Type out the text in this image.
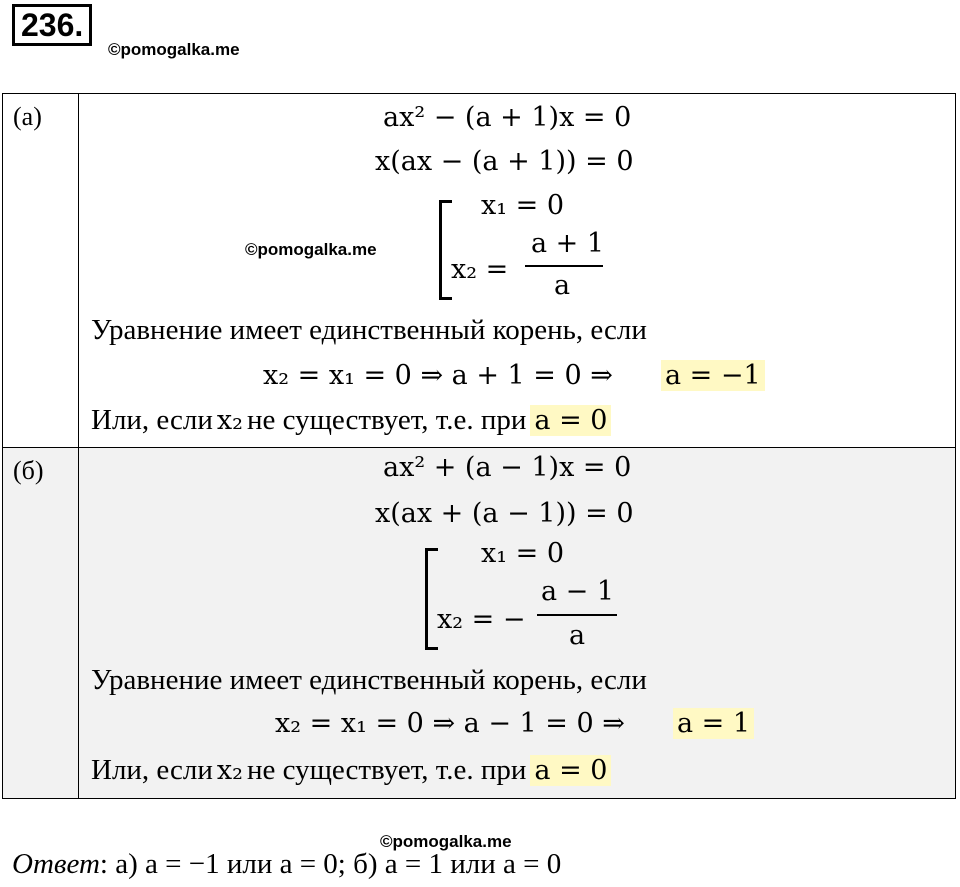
236.
©pomogalka.me
(а)	ax² − (a + 1)x = 0
x(ax − (a + 1)) = 0
©pomogalka.me
x₁ = 0
x₂ =
a + 1
a
Уравнение имеет единственный корень, если
x₂ = x₁ = 0 ⇒ a + 1 = 0 ⇒ a = −1
Или, если x₂ не существует, т.е. при a = 0
(б)	ax² + (a − 1)x = 0
x(ax + (a − 1)) = 0
x₁ = 0
x₂ = −
a − 1
a
Уравнение имеет единственный корень, если
x₂ = x₁ = 0 ⇒ a − 1 = 0 ⇒ a = 1
Или, если x₂ не существует, т.е. при a = 0
©pomogalka.me
Ответ: а) a = −1 или a = 0; б) a = 1 или a = 0
